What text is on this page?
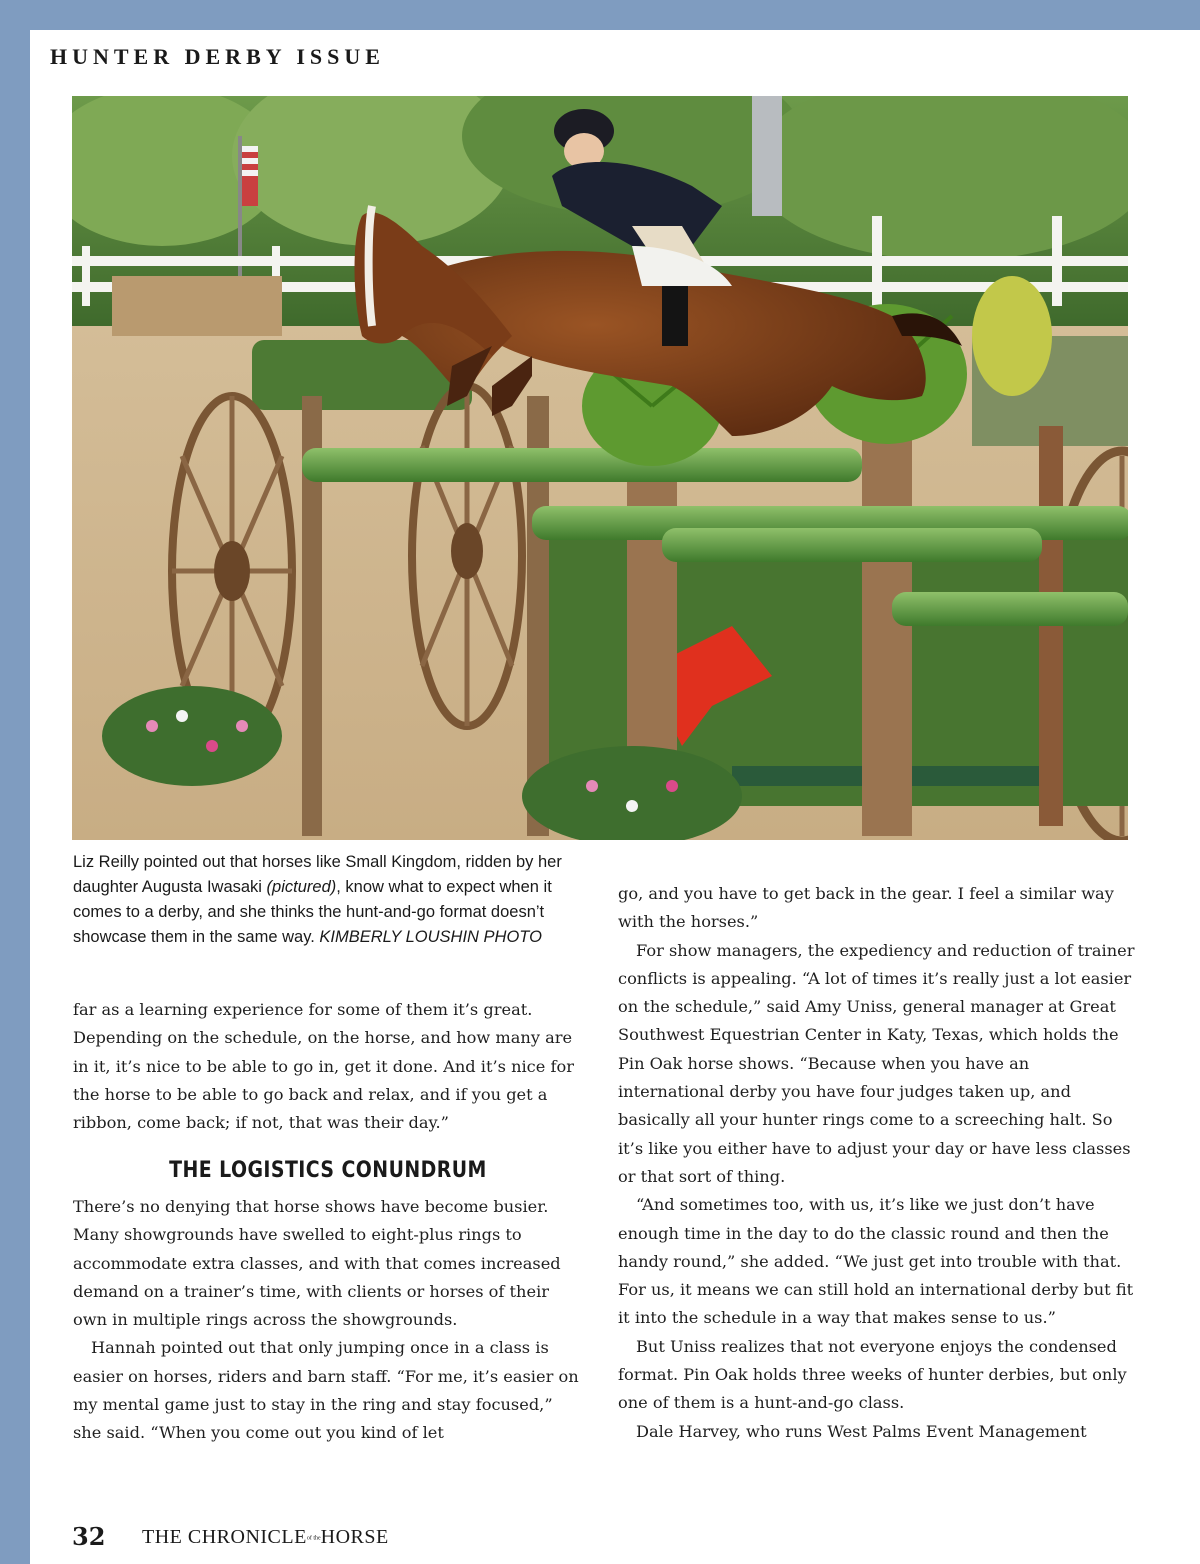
HUNTER DERBY ISSUE
Liz Reilly pointed out that horses like Small Kingdom, ridden by her daughter Augusta Iwasaki (pictured), know what to expect when it comes to a derby, and she thinks the hunt-and-go format doesn’t showcase them in the same way. KIMBERLY LOUSHIN PHOTO

far as a learning experience for some of them it’s great. Depending on the schedule, on the horse, and how many are in it, it’s nice to be able to go in, get it done. And it’s nice for the horse to be able to go back and relax, and if you get a ribbon, come back; if not, that was their day.”

THE LOGISTICS CONUNDRUM

There’s no denying that horse shows have become busier. Many showgrounds have swelled to eight-plus rings to accommodate extra classes, and with that comes increased demand on a trainer’s time, with clients or horses of their own in multiple rings across the showgrounds.

Hannah pointed out that only jumping once in a class is easier on horses, riders and barn staff. “For me, it’s easier on my mental game just to stay in the ring and stay focused,” she said. “When you come out you kind of let

go, and you have to get back in the gear. I feel a similar way with the horses.”

For show managers, the expediency and reduction of trainer conflicts is appealing. “A lot of times it’s really just a lot easier on the schedule,” said Amy Uniss, general manager at Great Southwest Equestrian Center in Katy, Texas, which holds the Pin Oak horse shows. “Because when you have an international derby you have four judges taken up, and basically all your hunter rings come to a screeching halt. So it’s like you either have to adjust your day or have less classes or that sort of thing.

“And sometimes too, with us, it’s like we just don’t have enough time in the day to do the classic round and then the handy round,” she added. “We just get into trouble with that. For us, it means we can still hold an international derby but fit it into the schedule in a way that makes sense to us.”

But Uniss realizes that not everyone enjoys the condensed format. Pin Oak holds three weeks of hunter derbies, but only one of them is a hunt-and-go class.

Dale Harvey, who runs West Palms Event Management

32 THE CHRONICLEof theHORSE
